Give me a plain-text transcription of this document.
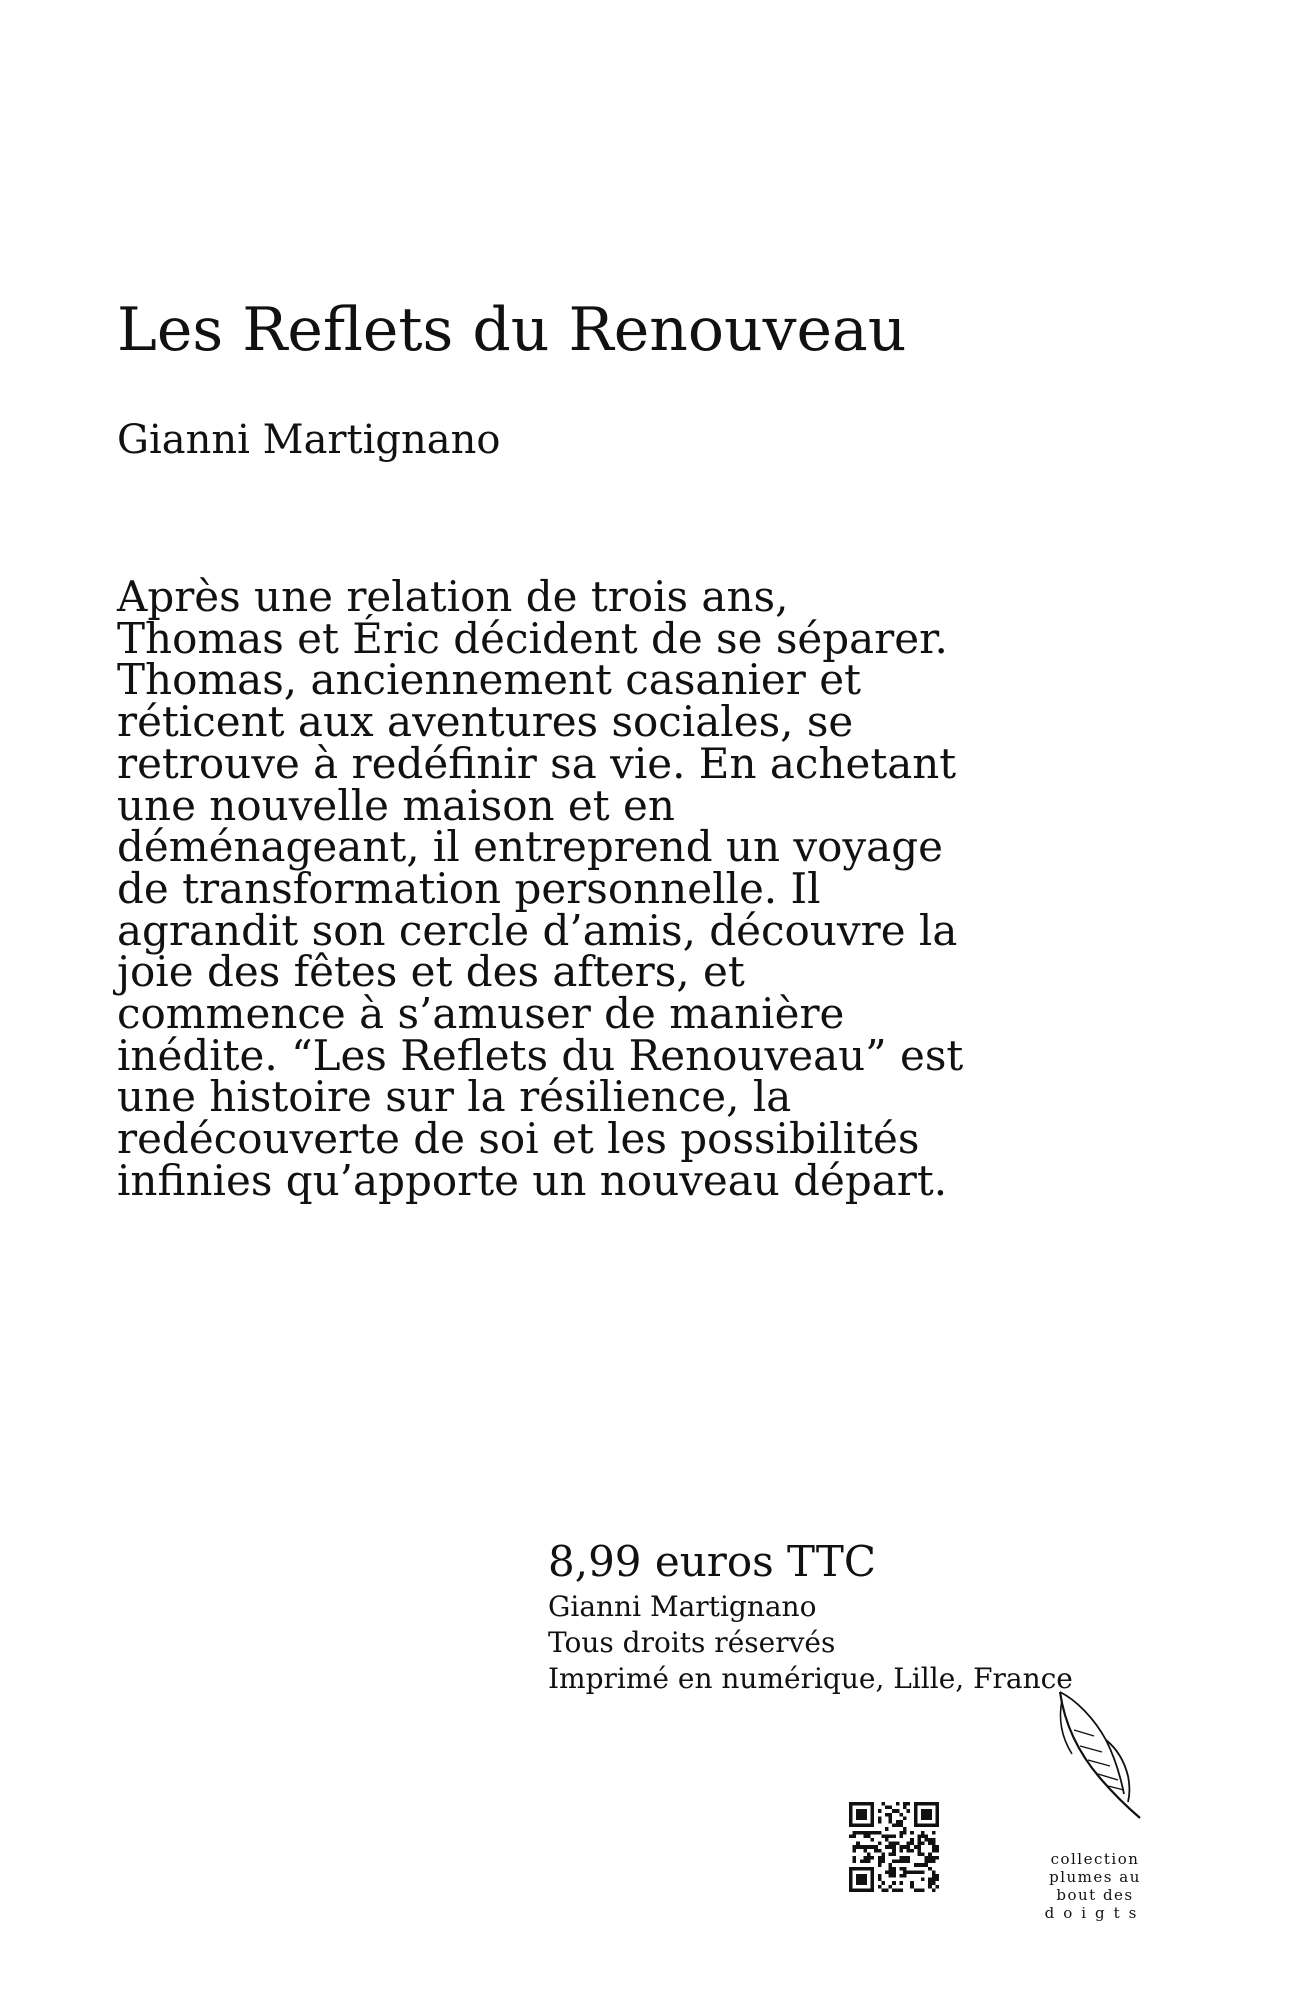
Les Reflets du Renouveau
Gianni Martignano
Après une relation de trois ans,
Thomas et Éric décident de se séparer.
Thomas, anciennement casanier et
réticent aux aventures sociales, se
retrouve à redéfinir sa vie. En achetant
une nouvelle maison et en
déménageant, il entreprend un voyage
de transformation personnelle. Il
agrandit son cercle d’amis, découvre la
joie des fêtes et des afters, et
commence à s’amuser de manière
inédite. “Les Reflets du Renouveau” est
une histoire sur la résilience, la
redécouverte de soi et les possibilités
infinies qu’apporte un nouveau départ.
8,99 euros TTC
Gianni Martignano
Tous droits réservés
Imprimé en numérique, Lille, France
collection
plumes au
bout des
doigts
